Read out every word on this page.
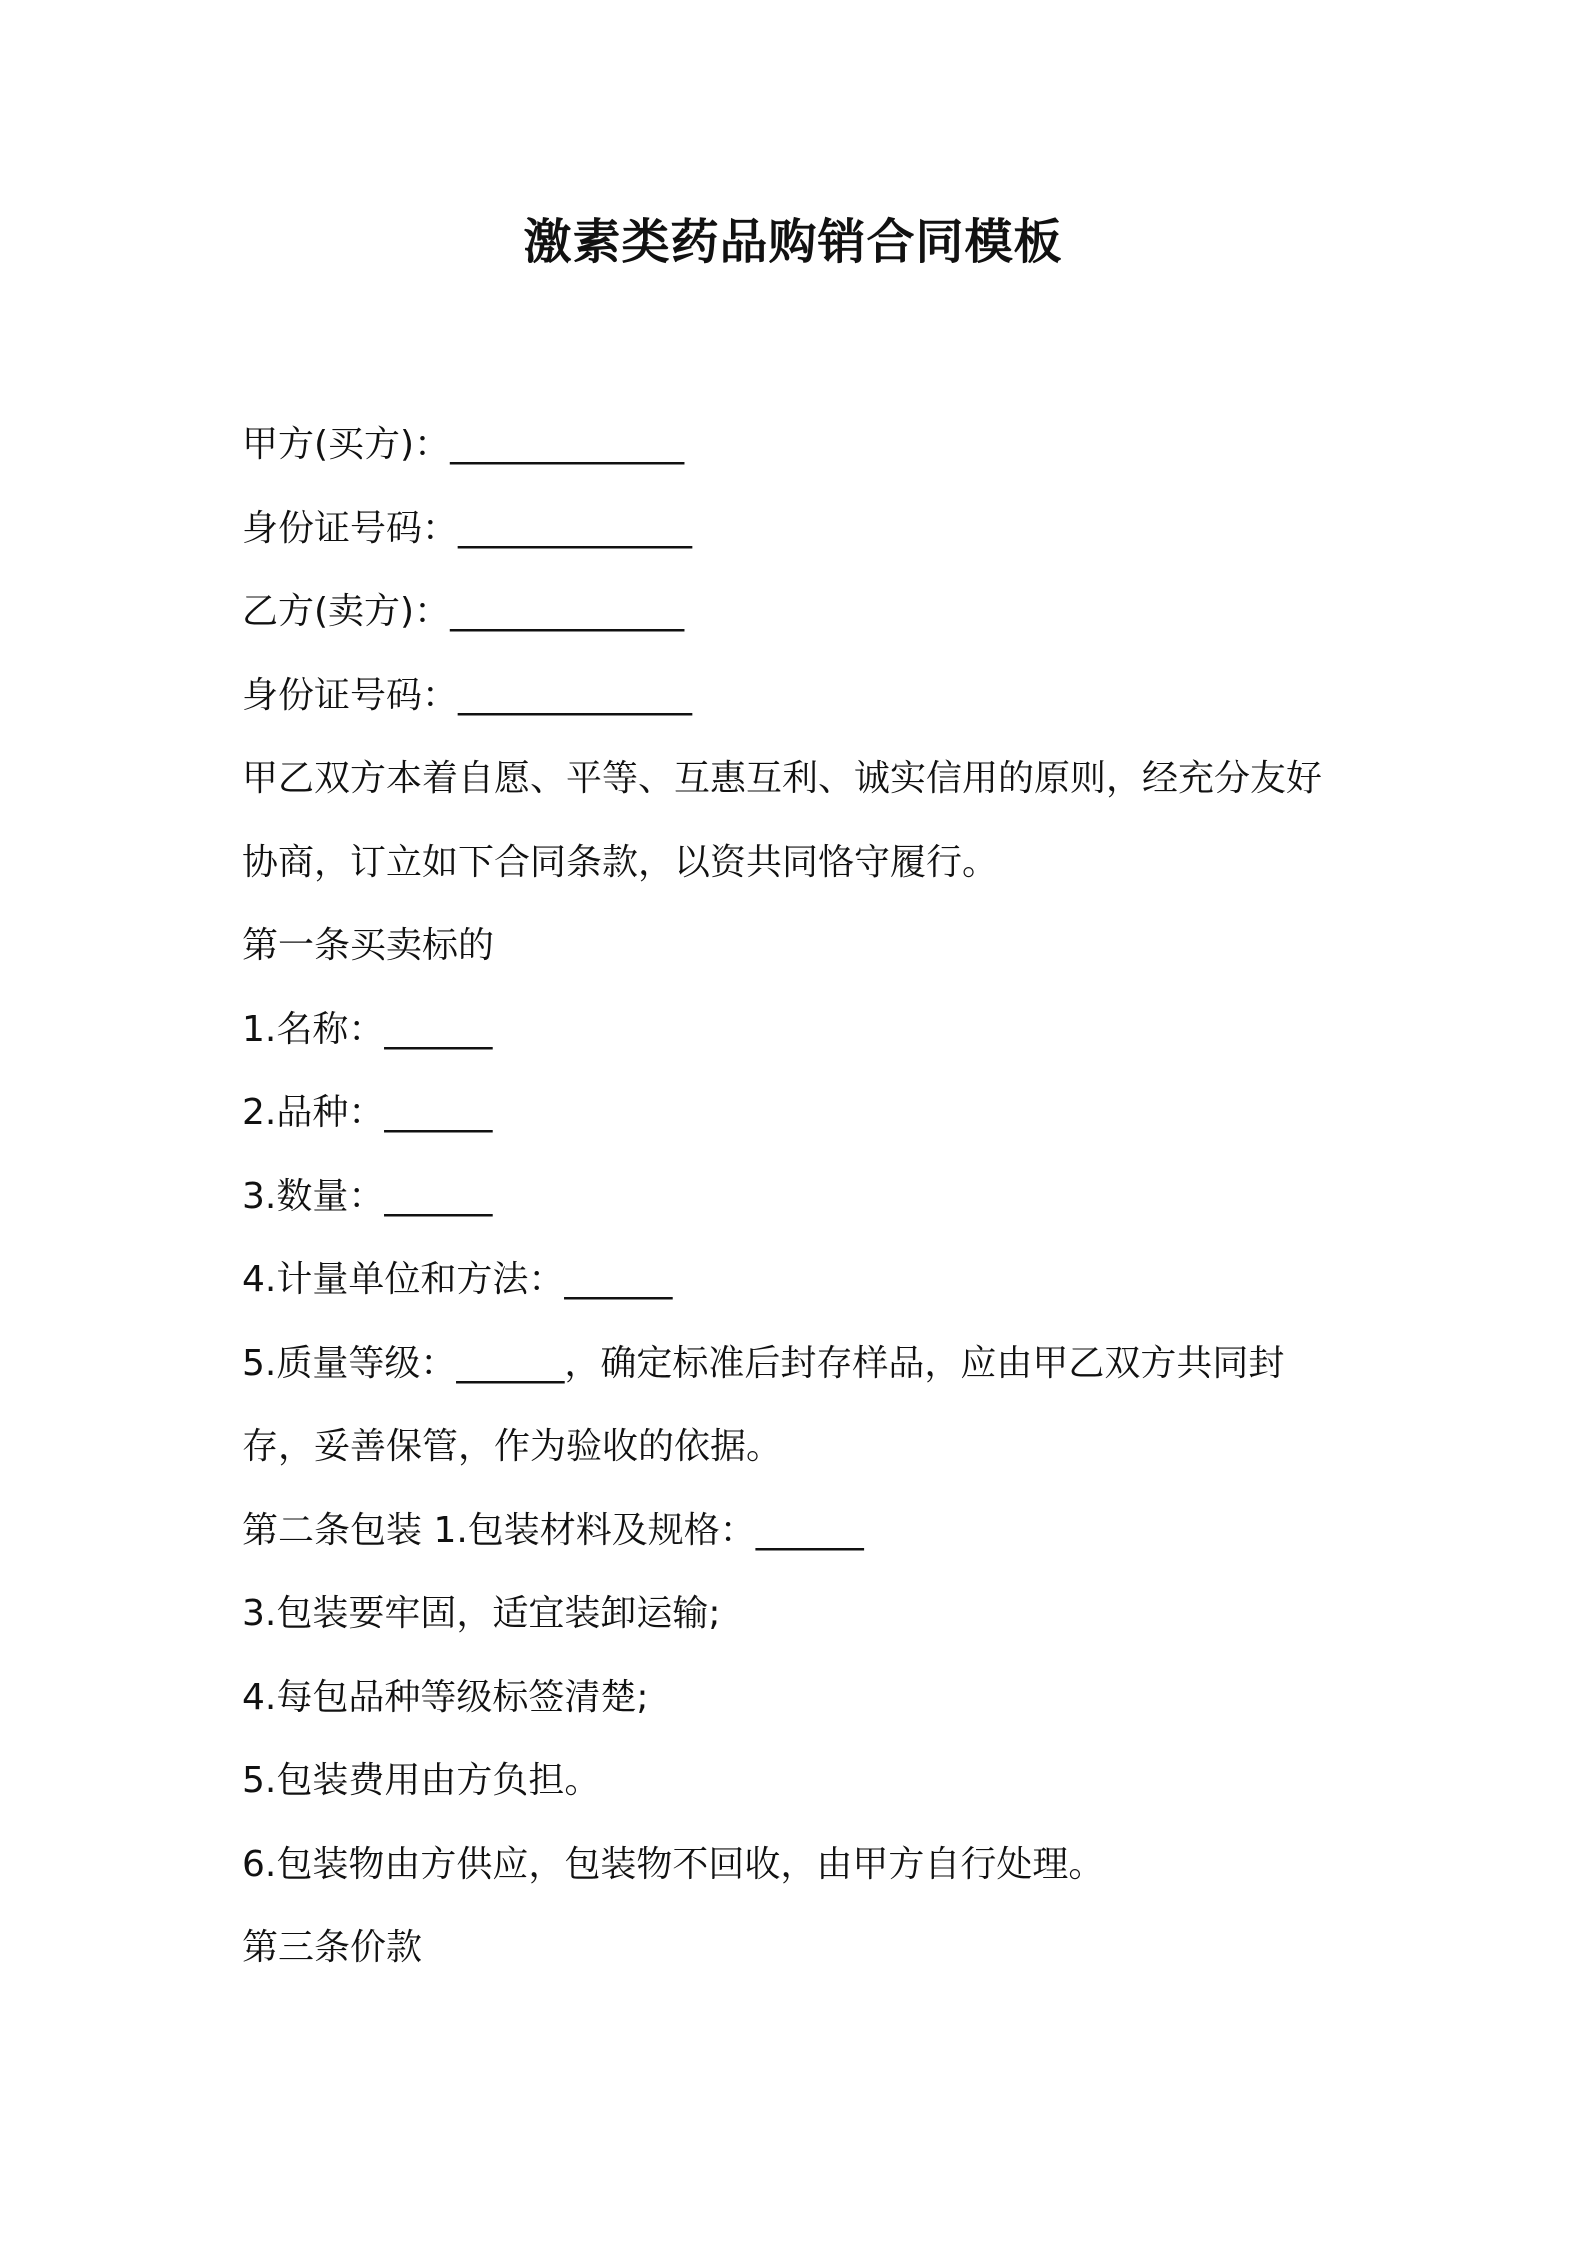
激素类药品购销合同模板
甲方(买方)：_____________
身份证号码：_____________
乙方(卖方)：_____________
身份证号码：_____________
甲乙双方本着自愿、平等、互惠互利、诚实信用的原则，经充分友好
协商，订立如下合同条款，以资共同恪守履行。
第一条买卖标的
1.名称：______
2.品种：______
3.数量：______
4.计量单位和方法：______
5.质量等级：______，确定标准后封存样品，应由甲乙双方共同封
存，妥善保管，作为验收的依据。
第二条包装 1.包装材料及规格：______
3.包装要牢固，适宜装卸运输;
4.每包品种等级标签清楚;
5.包装费用由方负担。
6.包装物由方供应，包装物不回收，由甲方自行处理。
第三条价款
